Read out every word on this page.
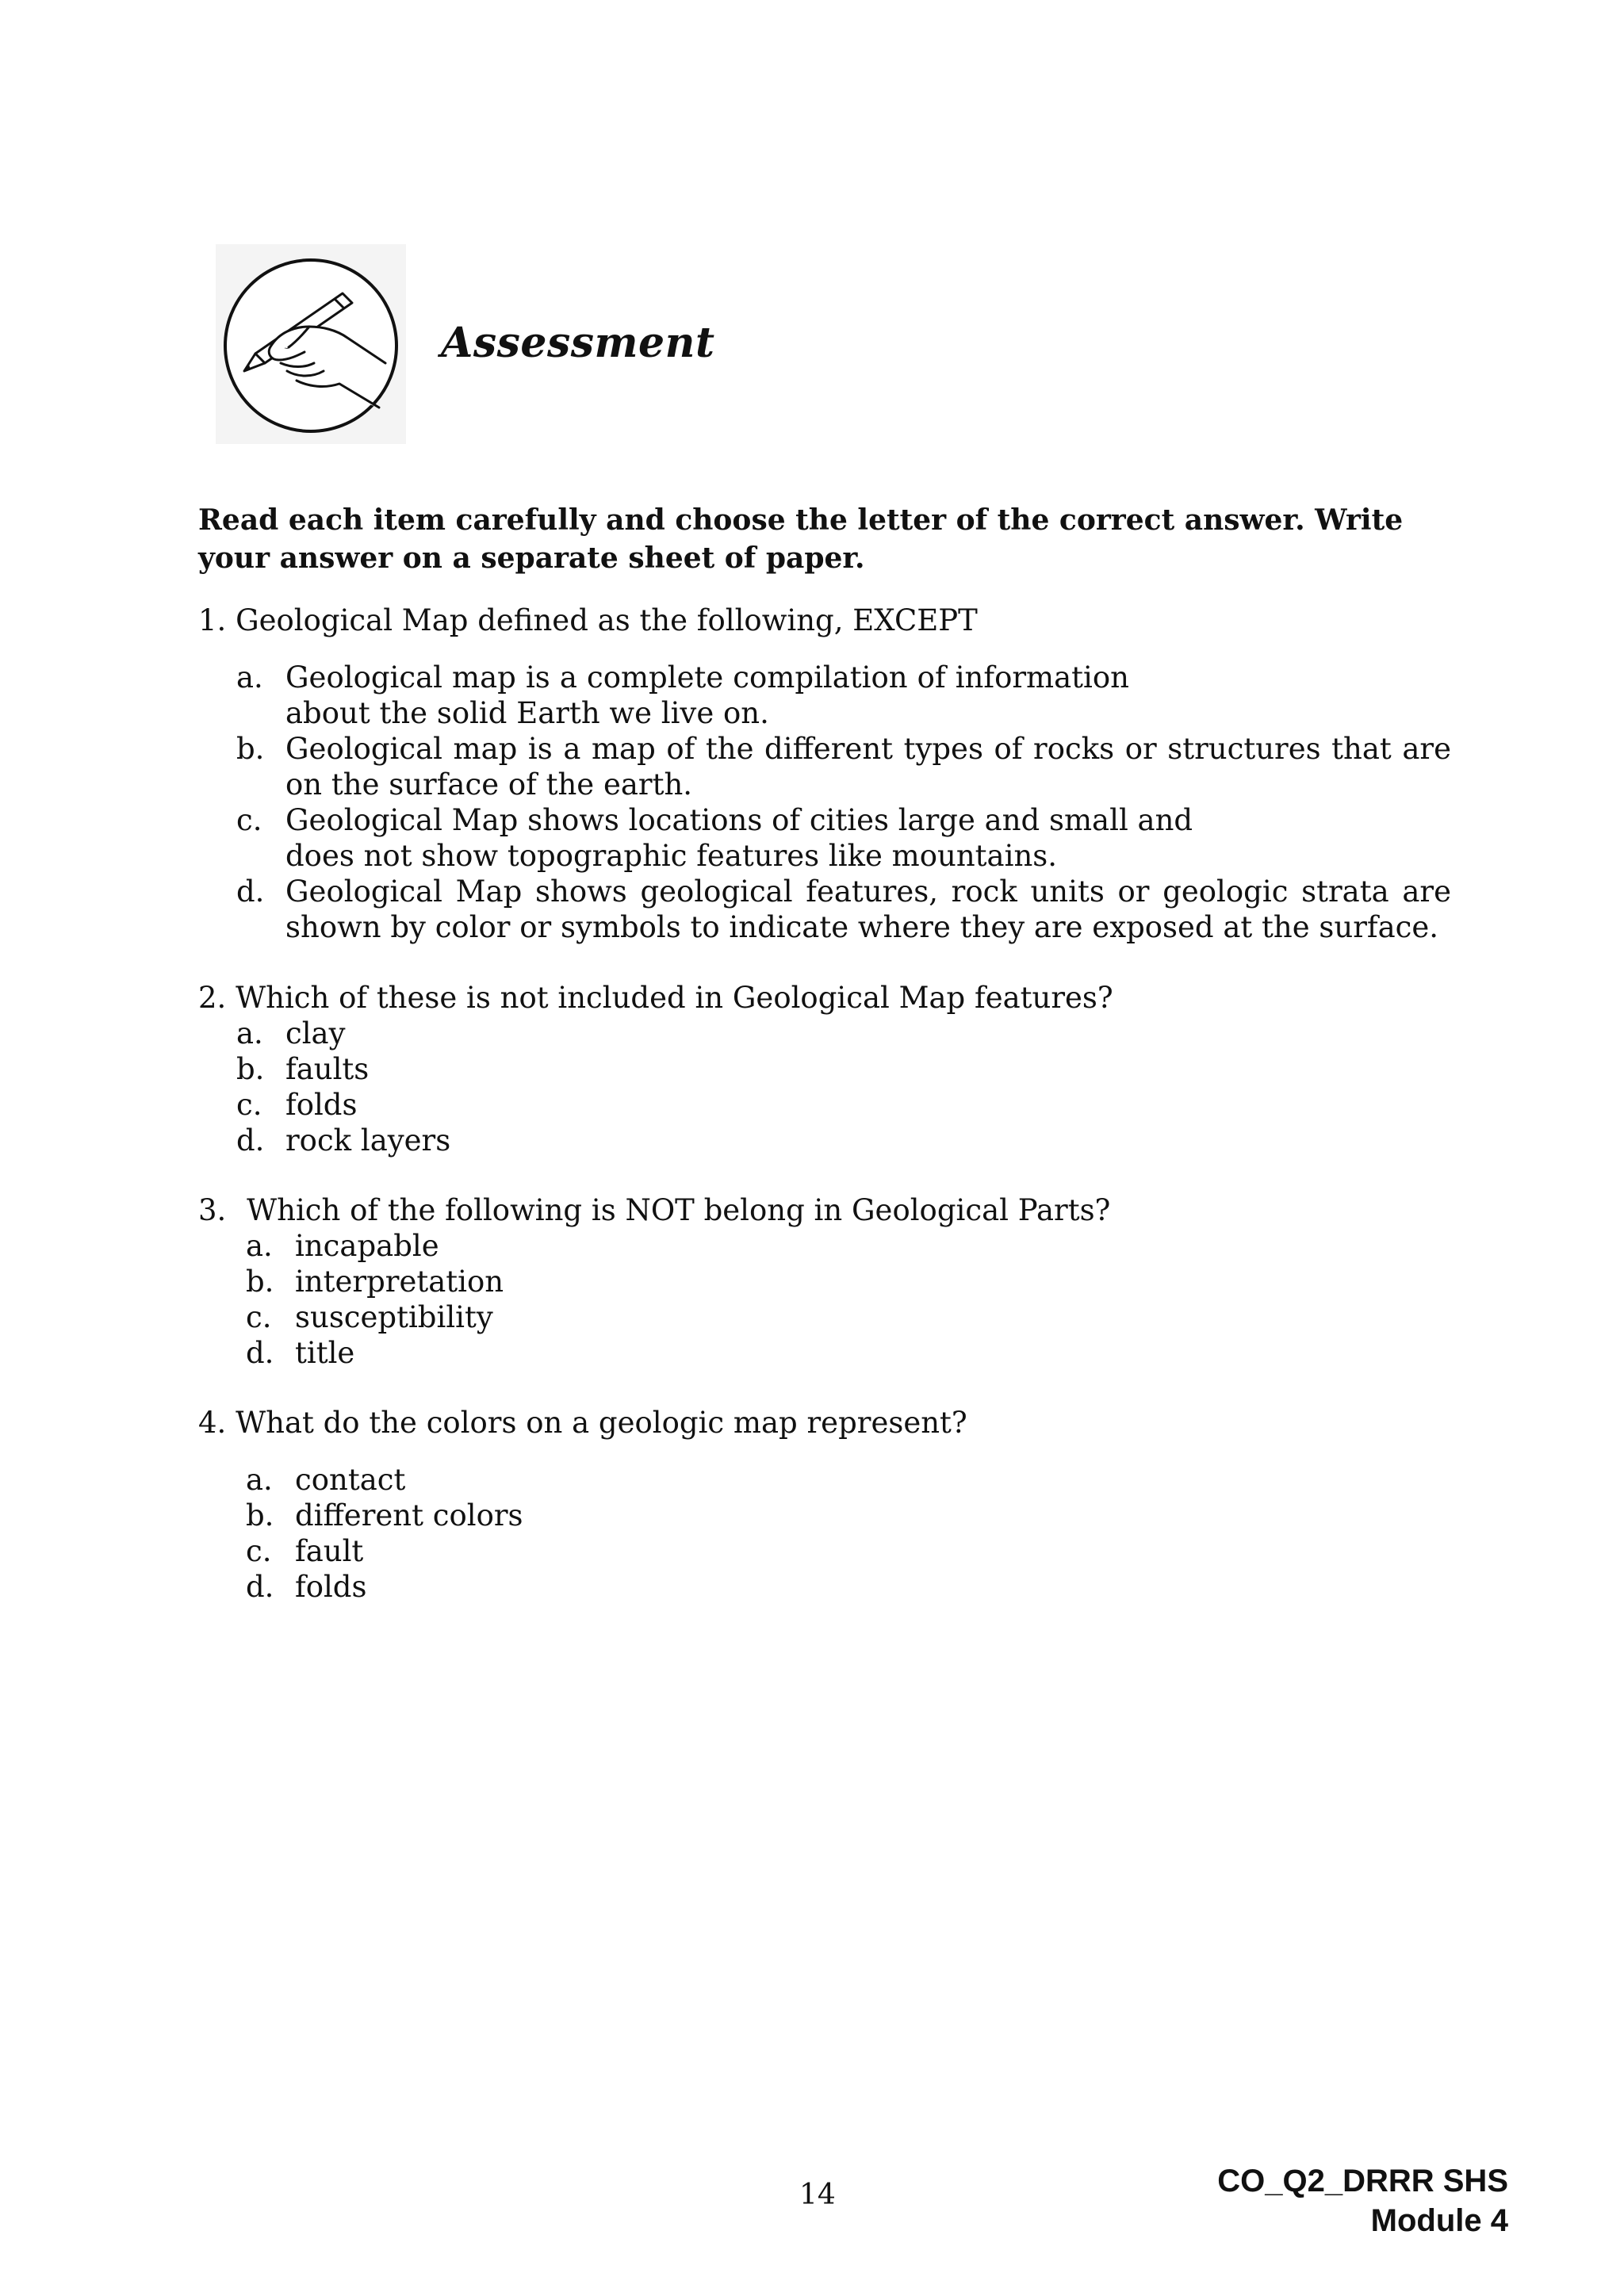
Assessment
Read each item carefully and choose the letter of the correct answer. Write your answer on a separate sheet of paper.
1. Geological Map defined as the following, EXCEPT
a. Geological map is a complete compilation of information about the solid Earth we live on.
b. Geological map is a map of the different types of rocks or structures that are on the surface of the earth.
c. Geological Map shows locations of cities large and small and does not show topographic features like mountains.
d. Geological Map shows geological features, rock units or geologic strata are shown by color or symbols to indicate where they are exposed at the surface.
2. Which of these is not included in Geological Map features?
a. clay
b. faults
c. folds
d. rock layers
3. Which of the following is NOT belong in Geological Parts?
a. incapable
b. interpretation
c. susceptibility
d. title
4. What do the colors on a geologic map represent?
a. contact
b. different colors
c. fault
d. folds
14	CO_Q2_DRRR SHS
Module 4
